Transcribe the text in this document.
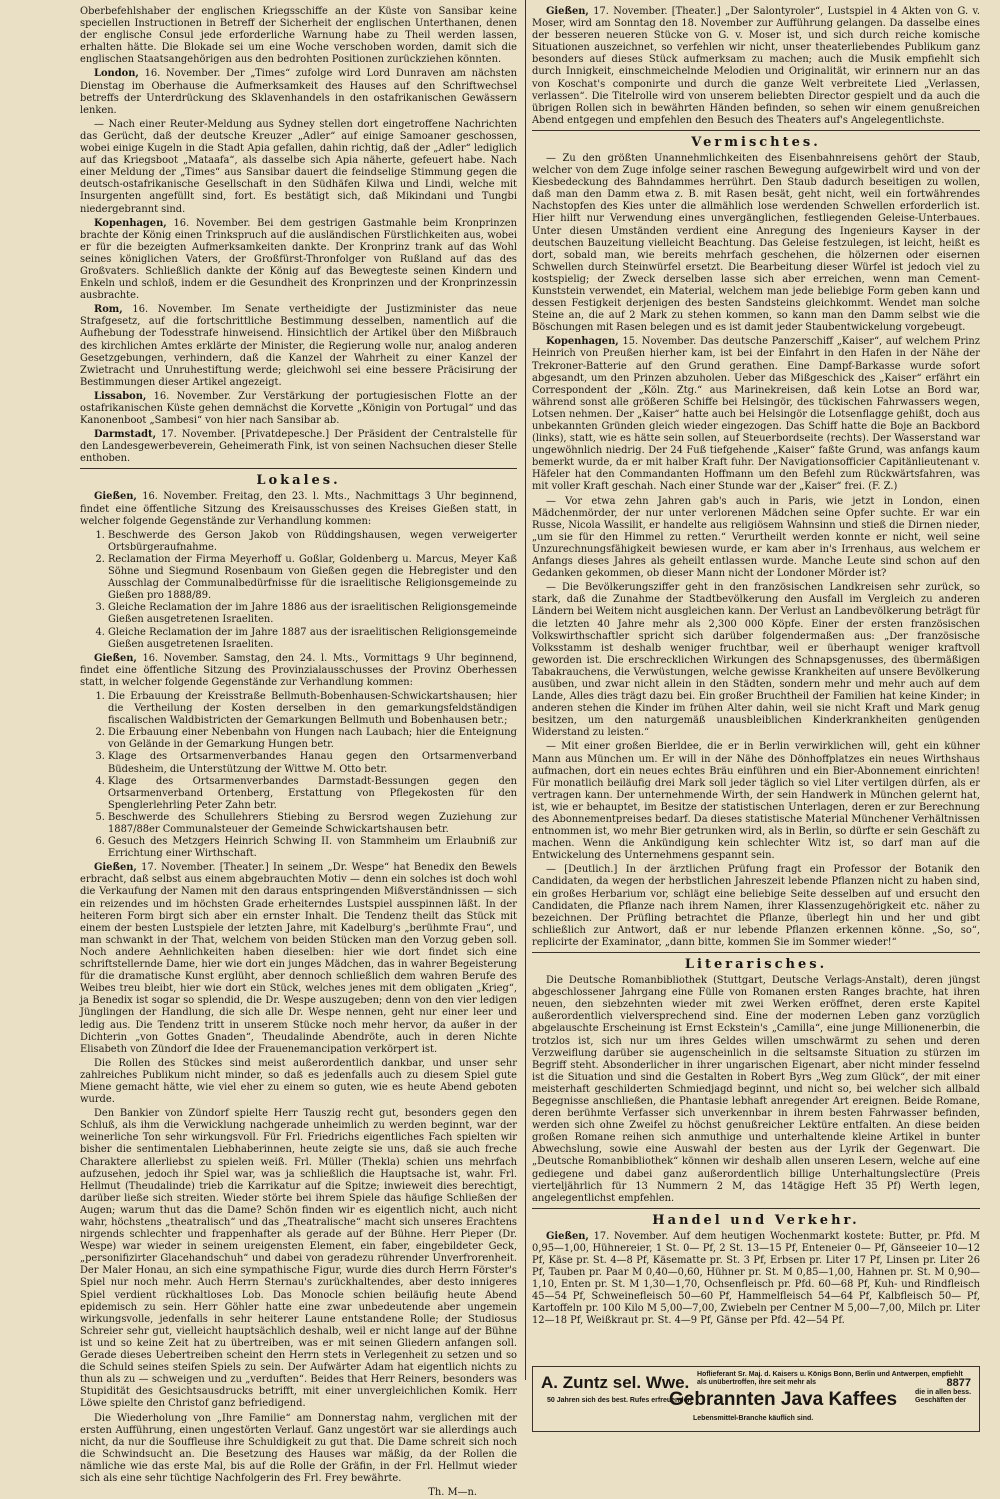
Oberbefehlshaber der englischen Kriegsschiffe an der Küste von Sansibar keine speciellen Instructionen in Betreff der Sicherheit der englischen Unterthanen, denen der englische Consul jede erforderliche Warnung habe zu Theil werden lassen, erhalten hätte. Die Blokade sei um eine Woche verschoben worden, damit sich die englischen Staatsangehörigen aus den bedrohten Positionen zurückziehen könnten.

London, 16. November. Der „Times“ zufolge wird Lord Dunraven am nächsten Dienstag im Oberhause die Aufmerksamkeit des Hauses auf den Schriftwechsel betreffs der Unterdrückung des Sklavenhandels in den ostafrikanischen Gewässern lenken.

— Nach einer Reuter-Meldung aus Sydney stellen dort eingetroffene Nachrichten das Gerücht, daß der deutsche Kreuzer „Adler“ auf einige Samoaner geschossen, wobei einige Kugeln in die Stadt Apia gefallen, dahin richtig, daß der „Adler“ lediglich auf das Kriegsboot „Mataafa“, als dasselbe sich Apia näherte, gefeuert habe. Nach einer Meldung der „Times“ aus Sansibar dauert die feindselige Stimmung gegen die deutsch-ostafrikanische Gesellschaft in den Südhäfen Kilwa und Lindi, welche mit Insurgenten angefüllt sind, fort. Es bestätigt sich, daß Mikindani und Tungbi niedergebrannt sind.

Kopenhagen, 16. November. Bei dem gestrigen Gastmahle beim Kronprinzen brachte der König einen Trinkspruch auf die ausländischen Fürstlichkeiten aus, wobei er für die bezeigten Aufmerksamkeiten dankte. Der Kronprinz trank auf das Wohl seines königlichen Vaters, der Großfürst-Thronfolger von Rußland auf das des Großvaters. Schließlich dankte der König auf das Bewegteste seinen Kindern und Enkeln und schloß, indem er die Gesundheit des Kronprinzen und der Kronprinzessin ausbrachte.

Rom, 16. November. Im Senate vertheidigte der Justizminister das neue Strafgesetz, auf die fortschrittliche Bestimmung desselben, namentlich auf die Aufhebung der Todesstrafe hinweisend. Hinsichtlich der Artikel über den Mißbrauch des kirchlichen Amtes erklärte der Minister, die Regierung wolle nur, analog anderen Gesetzgebungen, verhindern, daß die Kanzel der Wahrheit zu einer Kanzel der Zwietracht und Unruhestiftung werde; gleichwohl sei eine bessere Präcisirung der Bestimmungen dieser Artikel angezeigt.

Lissabon, 16. November. Zur Verstärkung der portugiesischen Flotte an der ostafrikanischen Küste gehen demnächst die Korvette „Königin von Portugal“ und das Kanonenboot „Sambesi“ von hier nach Sansibar ab.

Darmstadt, 17. November. [Privatdepesche.] Der Präsident der Centralstelle für den Landesgewerbeverein, Geheimerath Fink, ist von seinen Nachsuchen dieser Stelle enthoben.

Lokales.

Gießen, 16. November. Freitag, den 23. l. Mts., Nachmittags 3 Uhr beginnend, findet eine öffentliche Sitzung des Kreisausschusses des Kreises Gießen statt, in welcher folgende Gegenstände zur Verhandlung kommen:

1. Beschwerde des Gerson Jakob von Rüddingshausen, wegen verweigerter Ortsbürgeraufnahme.
2. Reclamation der Firma Meyerhoff u. Goßlar, Goldenberg u. Marcus, Meyer Kaß Söhne und Siegmund Rosenbaum von Gießen gegen die Hebregister und den Ausschlag der Communalbedürfnisse für die israelitische Religionsgemeinde zu Gießen pro 1888/89.
3. Gleiche Reclamation der im Jahre 1886 aus der israelitischen Religionsgemeinde Gießen ausgetretenen Israeliten.
4. Gleiche Reclamation der im Jahre 1887 aus der israelitischen Religionsgemeinde Gießen ausgetretenen Israeliten.

Gießen, 16. November. Samstag, den 24. l. Mts., Vormittags 9 Uhr beginnend, findet eine öffentliche Sitzung des Provinzialausschusses der Provinz Oberhessen statt, in welcher folgende Gegenstände zur Verhandlung kommen:

1. Die Erbauung der Kreisstraße Bellmuth-Bobenhausen-Schwickartshausen; hier die Vertheilung der Kosten derselben in den gemarkungsfeldständigen fiscalischen Waldbistricten der Gemarkungen Bellmuth und Bobenhausen betr.;
2. Die Erbauung einer Nebenbahn von Hungen nach Laubach; hier die Enteignung von Gelände in der Gemarkung Hungen betr.
3. Klage des Ortsarmenverbandes Hanau gegen den Ortsarmenverband Büdesheim, die Unterstützung der Wittwe M. Otto betr.
4. Klage des Ortsarmenverbandes Darmstadt-Bessungen gegen den Ortsarmenverband Ortenberg, Erstattung von Pflegekosten für den Spenglerlehrling Peter Zahn betr.
5. Beschwerde des Schullehrers Stiebing zu Bersrod wegen Zuziehung zur 1887/88er Communalsteuer der Gemeinde Schwickartshausen betr.
6. Gesuch des Metzgers Heinrich Schwing II. von Stammheim um Erlaubniß zur Errichtung einer Wirthschaft.

Gießen, 17. November. [Theater.] In seinem „Dr. Wespe“ hat Benedix den Bewels erbracht, daß selbst aus einem abgebrauchten Motiv — denn ein solches ist doch wohl die Verkaufung der Namen mit den daraus entspringenden Mißverständnissen — sich ein reizendes und im höchsten Grade erheiterndes Lustspiel ausspinnen läßt. In der heiteren Form birgt sich aber ein ernster Inhalt. Die Tendenz theilt das Stück mit einem der besten Lustspiele der letzten Jahre, mit Kadelburg's „berühmte Frau“, und man schwankt in der That, welchem von beiden Stücken man den Vorzug geben soll. Noch andere Aehnlichkeiten haben dieselben: hier wie dort findet sich eine schriftstellernde Dame, hier wie dort ein junges Mädchen, das in wahrer Begeisterung für die dramatische Kunst erglüht, aber dennoch schließlich dem wahren Berufe des Weibes treu bleibt, hier wie dort ein Stück, welches jenes mit dem obligaten „Krieg“, ja Benedix ist sogar so splendid, die Dr. Wespe auszugeben; denn von den vier ledigen Jünglingen der Handlung, die sich alle Dr. Wespe nennen, geht nur einer leer und ledig aus. Die Tendenz tritt in unserem Stücke noch mehr hervor, da außer in der Dichterin „von Gottes Gnaden“, Theudalinde Abendröte, auch in deren Nichte Elisabeth von Zündorf die Idee der Frauenemancipation verkörpert ist.

Die Rollen des Stückes sind meist außerordentlich dankbar, und unser sehr zahlreiches Publikum nicht minder, so daß es jedenfalls auch zu diesem Spiel gute Miene gemacht hätte, wie viel eher zu einem so guten, wie es heute Abend geboten wurde.

Den Bankier von Zündorf spielte Herr Tauszig recht gut, besonders gegen den Schluß, als ihm die Verwicklung nachgerade unheimlich zu werden beginnt, war der weinerliche Ton sehr wirkungsvoll. Für Frl. Friedrichs eigentliches Fach spielten wir bisher die sentimentalen Liebhaberinnen, heute zeigte sie uns, daß sie auch freche Charaktere allerliebst zu spielen weiß. Frl. Müller (Thekla) schien uns mehrfach aufzusehen, jedoch ihr Spiel war, was ja schließlich die Hauptsache ist, wahr. Frl. Hellmut (Theudalinde) trieb die Karrikatur auf die Spitze; inwieweit dies berechtigt, darüber ließe sich streiten. Wieder störte bei ihrem Spiele das häufige Schließen der Augen; warum thut das die Dame? Schön finden wir es eigentlich nicht, auch nicht wahr, höchstens „theatralisch“ und das „Theatralische“ macht sich unseres Erachtens nirgends schlechter und frappenhafter als gerade auf der Bühne. Herr Pieper (Dr. Wespe) war wieder in seinem ureigensten Element, ein faber, eingebildeter Geck, „personifizirter Glacehandschuh“ und dabei von geradezu rührender Unverfrorenheit. Der Maler Honau, an sich eine sympathische Figur, wurde dies durch Herrn Förster's Spiel nur noch mehr. Auch Herrn Sternau's zurückhaltendes, aber desto innigeres Spiel verdient rückhaltloses Lob. Das Monocle schien beiläufig heute Abend epidemisch zu sein. Herr Göhler hatte eine zwar unbedeutende aber ungemein wirkungsvolle, jedenfalls in sehr heiterer Laune entstandene Rolle; der Studiosus Schreier sehr gut, vielleicht hauptsächlich deshalb, weil er nicht lange auf der Bühne ist und so keine Zeit hat zu übertreiben, was er mit seinen Gliedern anfangen soll. Gerade dieses Uebertreiben scheint den Herrn stets in Verlegenheit zu setzen und so die Schuld seines steifen Spiels zu sein. Der Aufwärter Adam hat eigentlich nichts zu thun als zu — schweigen und zu „verduften“. Beides that Herr Reiners, besonders was Stupidität des Gesichtsausdrucks betrifft, mit einer unvergleichlichen Komik. Herr Löwe spielte den Christof ganz befriedigend.

Die Wiederholung von „Ihre Familie“ am Donnerstag nahm, verglichen mit der ersten Aufführung, einen ungestörten Verlauf. Ganz ungestört war sie allerdings auch nicht, da nur die Souffleuse ihre Schuldigkeit zu gut that. Die Dame schreit sich noch die Schwindsucht an. Die Besetzung des Hauses war mäßig, da der Rollen die nämliche wie das erste Mal, bis auf die Rolle der Gräfin, in der Frl. Hellmut wieder sich als eine sehr tüchtige Nachfolgerin des Frl. Frey bewährte.

Th. M—n.

Gießen, 17. November. [Theater.] „Der Salontyroler“, Lustspiel in 4 Akten von G. v. Moser, wird am Sonntag den 18. November zur Aufführung gelangen. Da dasselbe eines der besseren neueren Stücke von G. v. Moser ist, und sich durch reiche komische Situationen auszeichnet, so verfehlen wir nicht, unser theaterliebendes Publikum ganz besonders auf dieses Stück aufmerksam zu machen; auch die Musik empfiehlt sich durch Innigkeit, einschmeichelnde Melodien und Originalität, wir erinnern nur an das von Koschat's componirte und durch die ganze Welt verbreitete Lied „Verlassen, verlassen“. Die Titelrolle wird von unserem beliebten Director gespielt und da auch die übrigen Rollen sich in bewährten Händen befinden, so sehen wir einem genußreichen Abend entgegen und empfehlen den Besuch des Theaters auf's Angelegentlichste.

Vermischtes.

— Zu den größten Unannehmlichkeiten des Eisenbahnreisens gehört der Staub, welcher von dem Zuge infolge seiner raschen Bewegung aufgewirbelt wird und von der Kiesbedeckung des Bahndammes herrührt. Den Staub dadurch beseitigen zu wollen, daß man den Damm etwa z. B. mit Rasen besät, geht nicht, weil ein fortwährendes Nachstopfen des Kies unter die allmählich lose werdenden Schwellen erforderlich ist. Hier hilft nur Verwendung eines unvergänglichen, festliegenden Geleise-Unterbaues. Unter diesen Umständen verdient eine Anregung des Ingenieurs Kayser in der deutschen Bauzeitung vielleicht Beachtung. Das Geleise festzulegen, ist leicht, heißt es dort, sobald man, wie bereits mehrfach geschehen, die hölzernen oder eisernen Schwellen durch Steinwürfel ersetzt. Die Bearbeitung dieser Würfel ist jedoch viel zu kostspielig; der Zweck derselben lasse sich aber erreichen, wenn man Cement-Kunststein verwendet, ein Material, welchem man jede beliebige Form geben kann und dessen Festigkeit derjenigen des besten Sandsteins gleichkommt. Wendet man solche Steine an, die auf 2 Mark zu stehen kommen, so kann man den Damm selbst wie die Böschungen mit Rasen belegen und es ist damit jeder Staubentwickelung vorgebeugt.

Kopenhagen, 15. November. Das deutsche Panzerschiff „Kaiser“, auf welchem Prinz Heinrich von Preußen hierher kam, ist bei der Einfahrt in den Hafen in der Nähe der Trekroner-Batterie auf den Grund gerathen. Eine Dampf-Barkasse wurde sofort abgesandt, um den Prinzen abzuholen. Ueber das Mißgeschick des „Kaiser“ erfährt ein Correspondent der „Köln. Ztg.“ aus Marinekreisen, daß kein Lotse an Bord war, während sonst alle größeren Schiffe bei Helsingör, des tückischen Fahrwassers wegen, Lotsen nehmen. Der „Kaiser“ hatte auch bei Helsingör die Lotsenflagge gehißt, doch aus unbekannten Gründen gleich wieder eingezogen. Das Schiff hatte die Boje an Backbord (links), statt, wie es hätte sein sollen, auf Steuerbordseite (rechts). Der Wasserstand war ungewöhnlich niedrig. Der 24 Fuß tiefgehende „Kaiser“ faßte Grund, was anfangs kaum bemerkt wurde, da er mit halber Kraft fuhr. Der Navigationsofficier Capitänlieutenant v. Häfeler hat den Commandanten Hoffmann um den Befehl zum Rückwärtsfahren, was mit voller Kraft geschah. Nach einer Stunde war der „Kaiser“ frei. (F. Z.)

— Vor etwa zehn Jahren gab's auch in Paris, wie jetzt in London, einen Mädchenmörder, der nur unter verlorenen Mädchen seine Opfer suchte. Er war ein Russe, Nicola Wassilit, er handelte aus religiösem Wahnsinn und stieß die Dirnen nieder, „um sie für den Himmel zu retten.“ Verurtheilt werden konnte er nicht, weil seine Unzurechnungsfähigkeit bewiesen wurde, er kam aber in's Irrenhaus, aus welchem er Anfangs dieses Jahres als geheilt entlassen wurde. Manche Leute sind schon auf den Gedanken gekommen, ob dieser Mann nicht der Londoner Mörder ist?

— Die Bevölkerungsziffer geht in den französischen Landkreisen sehr zurück, so stark, daß die Zunahme der Stadtbevölkerung den Ausfall im Vergleich zu anderen Ländern bei Weitem nicht ausgleichen kann. Der Verlust an Landbevölkerung beträgt für die letzten 40 Jahre mehr als 2,300 000 Köpfe. Einer der ersten französischen Volkswirthschaftler spricht sich darüber folgendermaßen aus: „Der französische Volksstamm ist deshalb weniger fruchtbar, weil er überhaupt weniger kraftvoll geworden ist. Die erschrecklichen Wirkungen des Schnapsgenusses, des übermäßigen Tabakrauchens, die Verwüstungen, welche gewisse Krankheiten auf unsere Bevölkerung ausüben, und zwar nicht allein in den Städten, sondern mehr und mehr auch auf dem Lande, Alles dies trägt dazu bei. Ein großer Bruchtheil der Familien hat keine Kinder; in anderen stehen die Kinder im frühen Alter dahin, weil sie nicht Kraft und Mark genug besitzen, um den naturgemäß unausbleiblichen Kinderkrankheiten genügenden Widerstand zu leisten.“

— Mit einer großen Bierldee, die er in Berlin verwirklichen will, geht ein kühner Mann aus München um. Er will in der Nähe des Dönhoffplatzes ein neues Wirthshaus aufmachen, dort ein neues echtes Bräu einführen und ein Bier-Abonnement einrichten! Für monatlich beiläufig drei Mark soll jeder täglich so viel Liter vertilgen dürfen, als er vertragen kann. Der unternehmende Wirth, der sein Handwerk in München gelernt hat, ist, wie er behauptet, im Besitze der statistischen Unterlagen, deren er zur Berechnung des Abonnementpreises bedarf. Da dieses statistische Material Münchener Verhältnissen entnommen ist, wo mehr Bier getrunken wird, als in Berlin, so dürfte er sein Geschäft zu machen. Wenn die Ankündigung kein schlechter Witz ist, so darf man auf die Entwickelung des Unternehmens gespannt sein.

— [Deutlich.] In der ärztlichen Prüfung fragt ein Professor der Botanik den Candidaten, da wegen der herbstlichen Jahreszeit lebende Pflanzen nicht zu haben sind, ein großes Herbarium vor, schlägt eine beliebige Seite desselben auf und ersucht den Candidaten, die Pflanze nach ihrem Namen, ihrer Klassenzugehörigkeit etc. näher zu bezeichnen. Der Prüfling betrachtet die Pflanze, überlegt hin und her und gibt schließlich zur Antwort, daß er nur lebende Pflanzen erkennen könne. „So, so“, replicirte der Examinator, „dann bitte, kommen Sie im Sommer wieder!“

Literarisches.

Die Deutsche Romanbibliothek (Stuttgart, Deutsche Verlags-Anstalt), deren jüngst abgeschlossener Jahrgang eine Fülle von Romanen ersten Ranges brachte, hat ihren neuen, den siebzehnten wieder mit zwei Werken eröffnet, deren erste Kapitel außerordentlich vielversprechend sind. Eine der modernen Leben ganz vorzüglich abgelauschte Erscheinung ist Ernst Eckstein's „Camilla“, eine junge Millionenerbin, die trotzlos ist, sich nur um ihres Geldes willen umschwärmt zu sehen und deren Verzweiflung darüber sie augenscheinlich in die seltsamste Situation zu stürzen im Begriff steht. Absonderlicher in ihrer ungarischen Eigenart, aber nicht minder fesselnd ist die Situation und sind die Gestalten in Robert Byrs „Weg zum Glück“, der mit einer meisterhaft geschilderten Schmiedjagd beginnt, und nicht so, bei welcher sich allbald Begegnisse anschließen, die Phantasie lebhaft anregender Art ereignen. Beide Romane, deren berühmte Verfasser sich unverkennbar in ihrem besten Fahrwasser befinden, werden sich ohne Zweifel zu höchst genußreicher Lektüre entfalten. An diese beiden großen Romane reihen sich anmuthige und unterhaltende kleine Artikel in bunter Abwechslung, sowie eine Auswahl der besten aus der Lyrik der Gegenwart. Die „Deutsche Romanbibliothek“ können wir deshalb allen unseren Lesern, welche auf eine gediegene und dabei ganz außerordentlich billige Unterhaltungslectüre (Preis vierteljährlich für 13 Nummern 2 M, das 14tägige Heft 35 Pf) Werth legen, angelegentlichst empfehlen.

Handel und Verkehr.

Gießen, 17. November. Auf dem heutigen Wochenmarkt kostete: Butter, pr. Pfd. M 0,95—1,00, Hühnereier, 1 St. 0— Pf, 2 St. 13—15 Pf, Enteneier 0— Pf, Gänseeier 10—12 Pf, Käse pr. St. 4—8 Pf, Käsematte pr. St. 3 Pf, Erbsen pr. Liter 17 Pf, Linsen pr. Liter 26 Pf, Tauben pr. Paar M 0,40—0,60, Hühner pr. St. M 0,85—1,00, Hahnen pr. St. M 0,90—1,10, Enten pr. St. M 1,30—1,70, Ochsenfleisch pr. Pfd. 60—68 Pf, Kuh- und Rindfleisch 45—54 Pf, Schweinefleisch 50—60 Pf, Hammelfleisch 54—64 Pf, Kalbfleisch 50— Pf, Kartoffeln pr. 100 Kilo M 5,00—7,00, Zwiebeln per Centner M 5,00—7,00, Milch pr. Liter 12—18 Pf, Weißkraut pr. St. 4—9 Pf, Gänse per Pfd. 42—54 Pf.

A. Zuntz sel. Wwe. Hoflieferant Sr. Maj. d. Kaisers u. Königs Bonn, Berlin und Antwerpen, empfiehlt als unübertroffen, ihre seit mehr als	8877
50 Jahren sich des best. Rufes erfreuenden
Gebrannten Java Kaffees	die in allen bess. Geschäften der
Lebensmittel-Branche käuflich sind.
